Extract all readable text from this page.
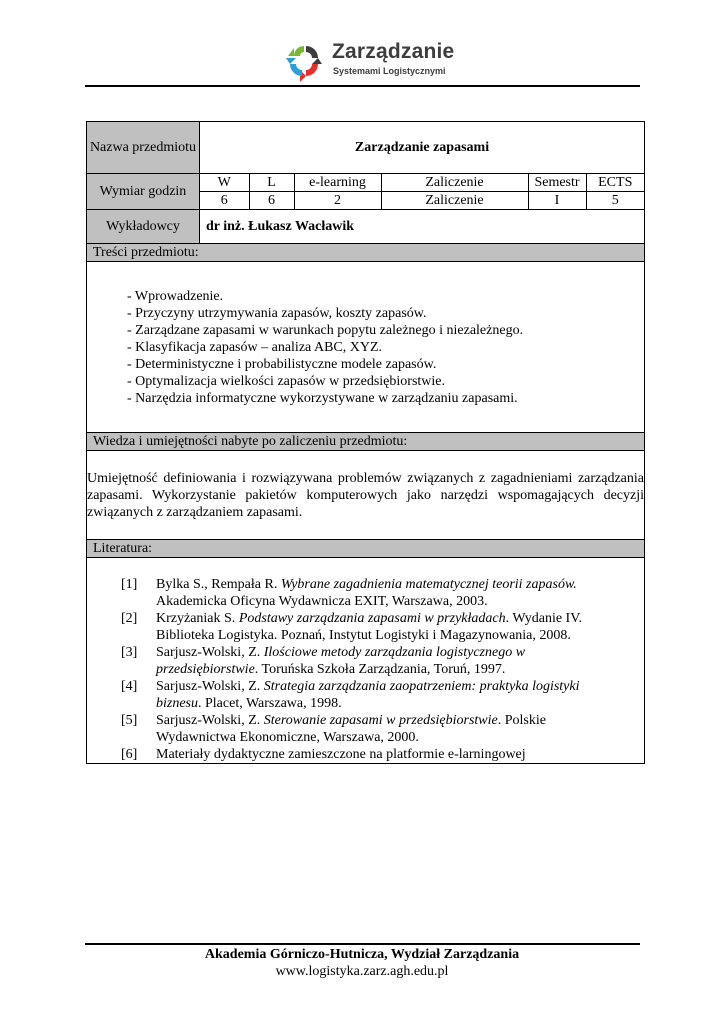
Zarządzanie
Systemami Logistycznymi
Nazwa przedmiotu	Zarządzanie zapasami
Wymiar godzin	
W	L	e-learning	Zaliczenie	Semestr	ECTS
6	6	2	Zaliczenie	I	5

Wykładowcy	dr inż. Łukasz Wacławik
Treści przedmiotu:

- Wprowadzenie.
- Przyczyny utrzymywania zapasów, koszty zapasów.
- Zarządzane zapasami w warunkach popytu zależnego i niezależnego.
- Klasyfikacja zapasów – analiza ABC, XYZ.
- Deterministyczne i probabilistyczne modele zapasów.
- Optymalizacja wielkości zapasów w przedsiębiorstwie.
- Narzędzia informatyczne wykorzystywane w zarządzaniu zapasami.

Wiedza i umiejętności nabyte po zaliczeniu przedmiotu:
Umiejętność definiowania i rozwiązywana problemów związanych z zagadnieniami zarządzania zapasami. Wykorzystanie pakietów komputerowych jako narzędzi wspomagających decyzji związanych z zarządzaniem zapasami.
Literatura:

[1] Bylka S., Rempała R. Wybrane zagadnienia matematycznej teorii zapasów. Akademicka Oficyna Wydawnicza EXIT, Warszawa, 2003.
[2] Krzyżaniak S. Podstawy zarządzania zapasami w przykładach. Wydanie IV. Biblioteka Logistyka. Poznań, Instytut Logistyki i Magazynowania, 2008.
[3] Sarjusz-Wolski, Z. Ilościowe metody zarządzania logistycznego w przedsiębiorstwie. Toruńska Szkoła Zarządzania, Toruń, 1997.
[4] Sarjusz-Wolski, Z. Strategia zarządzania zaopatrzeniem: praktyka logistyki biznesu. Placet, Warszawa, 1998.
[5] Sarjusz-Wolski, Z. Sterowanie zapasami w przedsiębiorstwie. Polskie Wydawnictwa Ekonomiczne, Warszawa, 2000.
[6] Materiały dydaktyczne zamieszczone na platformie e-larningowej
Akademia Górniczo-Hutnicza, Wydział Zarządzania
www.logistyka.zarz.agh.edu.pl
